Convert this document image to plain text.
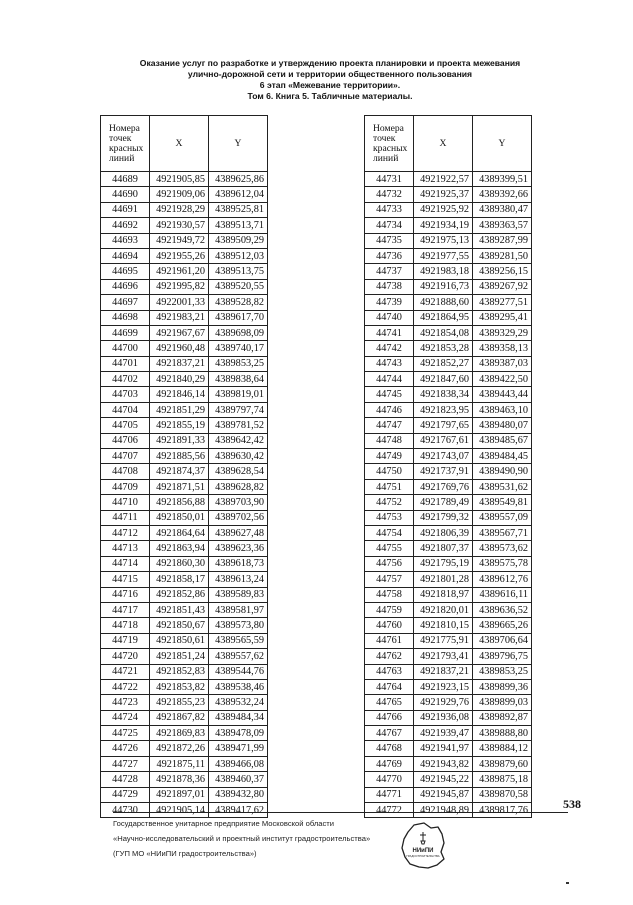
Оказание услуг по разработке и утверждению проекта планировки и проекта межевания
улично-дорожной сети и территории общественного пользования
6 этап «Межевание территории».
Том 6. Книга 5. Табличные материалы.
Номера
точек
красных
линий	X	Y
44689	4921905,85	4389625,86
44690	4921909,06	4389612,04
44691	4921928,29	4389525,81
44692	4921930,57	4389513,71
44693	4921949,72	4389509,29
44694	4921955,26	4389512,03
44695	4921961,20	4389513,75
44696	4921995,82	4389520,55
44697	4922001,33	4389528,82
44698	4921983,21	4389617,70
44699	4921967,67	4389698,09
44700	4921960,48	4389740,17
44701	4921837,21	4389853,25
44702	4921840,29	4389838,64
44703	4921846,14	4389819,01
44704	4921851,29	4389797,74
44705	4921855,19	4389781,52
44706	4921891,33	4389642,42
44707	4921885,56	4389630,42
44708	4921874,37	4389628,54
44709	4921871,51	4389628,82
44710	4921856,88	4389703,90
44711	4921850,01	4389702,56
44712	4921864,64	4389627,48
44713	4921863,94	4389623,36
44714	4921860,30	4389618,73
44715	4921858,17	4389613,24
44716	4921852,86	4389589,83
44717	4921851,43	4389581,97
44718	4921850,67	4389573,80
44719	4921850,61	4389565,59
44720	4921851,24	4389557,62
44721	4921852,83	4389544,76
44722	4921853,82	4389538,46
44723	4921855,23	4389532,24
44724	4921867,82	4389484,34
44725	4921869,83	4389478,09
44726	4921872,26	4389471,99
44727	4921875,11	4389466,08
44728	4921878,36	4389460,37
44729	4921897,01	4389432,80
44730	4921905,14	4389417,62
Номера
точек
красных
линий	X	Y
44731	4921922,57	4389399,51
44732	4921925,37	4389392,66
44733	4921925,92	4389380,47
44734	4921934,19	4389363,57
44735	4921975,13	4389287,99
44736	4921977,55	4389281,50
44737	4921983,18	4389256,15
44738	4921916,73	4389267,92
44739	4921888,60	4389277,51
44740	4921864,95	4389295,41
44741	4921854,08	4389329,29
44742	4921853,28	4389358,13
44743	4921852,27	4389387,03
44744	4921847,60	4389422,50
44745	4921838,34	4389443,44
44746	4921823,95	4389463,10
44747	4921797,65	4389480,07
44748	4921767,61	4389485,67
44749	4921743,07	4389484,45
44750	4921737,91	4389490,90
44751	4921769,76	4389531,62
44752	4921789,49	4389549,81
44753	4921799,32	4389557,09
44754	4921806,39	4389567,71
44755	4921807,37	4389573,62
44756	4921795,19	4389575,78
44757	4921801,28	4389612,76
44758	4921818,97	4389616,11
44759	4921820,01	4389636,52
44760	4921810,15	4389665,26
44761	4921775,91	4389706,64
44762	4921793,41	4389796,75
44763	4921837,21	4389853,25
44764	4921923,15	4389899,36
44765	4921929,76	4389899,03
44766	4921936,08	4389892,87
44767	4921939,47	4389888,80
44768	4921941,97	4389884,12
44769	4921943,82	4389879,60
44770	4921945,22	4389875,18
44771	4921945,87	4389870,58
44772	4921948,89	4389817,76	538
Государственное унитарное предприятие Московской области
«Научно-исследовательский и проектный институт градостроительства»
(ГУП МО «НИиПИ градостроительства»)	НИиПИ
ГРАДОСТРОИТЕЛЬСТВА
